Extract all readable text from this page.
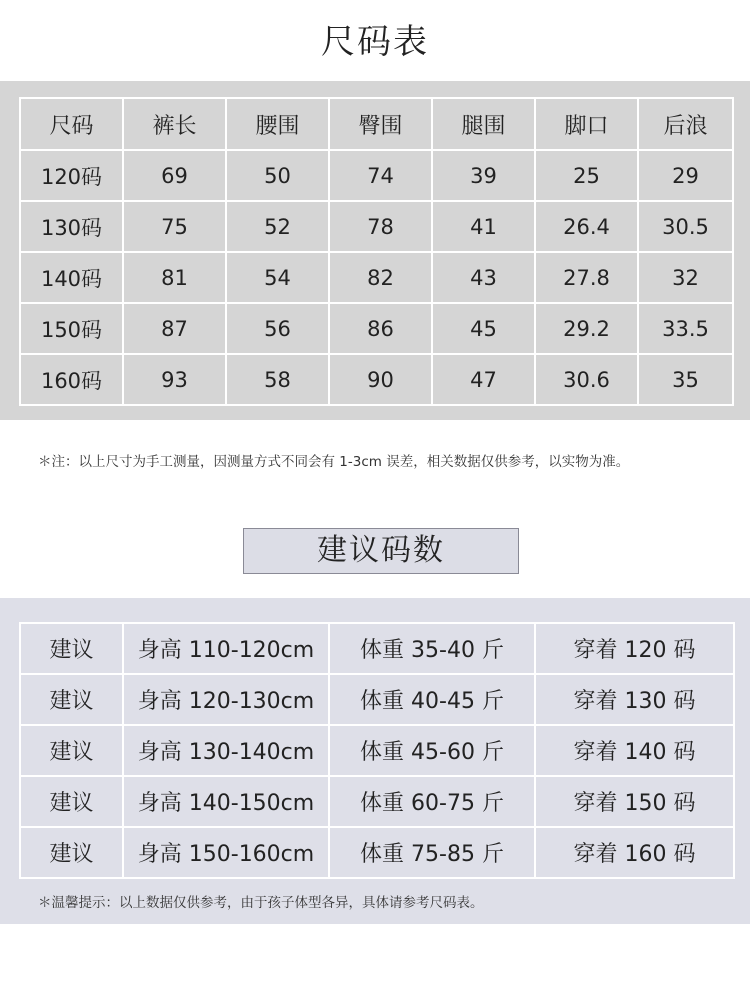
尺码表
尺码	裤长	腰围	臀围	腿围	脚口	后浪
120码	69	50	74	39	25	29
130码	75	52	78	41	26.4	30.5
140码	81	54	82	43	27.8	32
150码	87	56	86	45	29.2	33.5
160码	93	58	90	47	30.6	35
＊注：以上尺寸为手工测量，因测量方式不同会有 1-3cm 误差，相关数据仅供参考，以实物为准。
建议码数
建议	身高 110-120cm	体重 35-40 斤	穿着 120 码
建议	身高 120-130cm	体重 40-45 斤	穿着 130 码
建议	身高 130-140cm	体重 45-60 斤	穿着 140 码
建议	身高 140-150cm	体重 60-75 斤	穿着 150 码
建议	身高 150-160cm	体重 75-85 斤	穿着 160 码
＊温馨提示：以上数据仅供参考，由于孩子体型各异，具体请参考尺码表。
